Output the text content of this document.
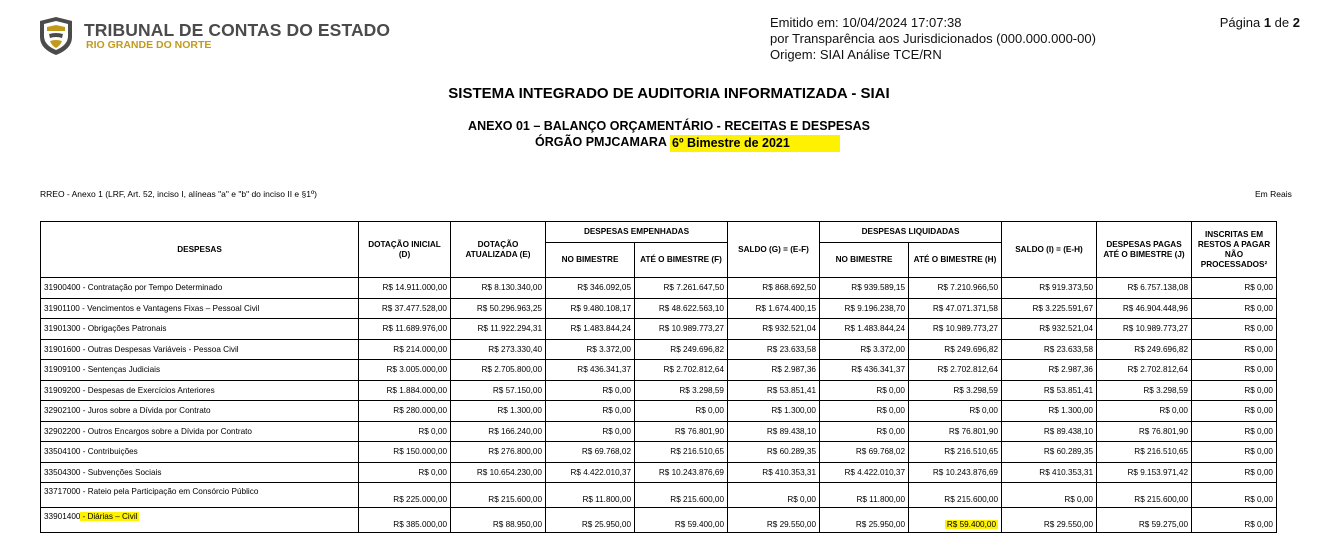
TRIBUNAL DE CONTAS DO ESTADO
RIO GRANDE DO NORTE
Emitido em: 10/04/2024 17:07:38
por Transparência aos Jurisdicionados (000.000.000-00)
Origem: SIAI Análise TCE/RN
Página 1 de 2
SISTEMA INTEGRADO DE AUDITORIA INFORMATIZADA - SIAI
ANEXO 01 – BALANÇO ORÇAMENTÁRIO - RECEITAS E DESPESAS
ÓRGÃO PMJCAMARA 6º Bimestre de 2021
RREO - Anexo 1 (LRF, Art. 52, inciso I, alíneas "a" e "b" do inciso II e §1º)	Em Reais
DESPESAS	DOTAÇÃO INICIAL (D)	DOTAÇÃO ATUALIZADA (E)	DESPESAS EMPENHADAS		SALDO (G) = (E-F)	DESPESAS LIQUIDADAS		SALDO (I) = (E-H)	DESPESAS PAGAS ATÉ O BIMESTRE (J)	INSCRITAS EM RESTOS A PAGAR NÃO PROCESSADOS²
			NO BIMESTRE	ATÉ O BIMESTRE (F)		NO BIMESTRE	ATÉ O BIMESTRE (H)			
31900400 - Contratação por Tempo Determinado	R$ 14.911.000,00	R$ 8.130.340,00	R$ 346.092,05	R$ 7.261.647,50	R$ 868.692,50	R$ 939.589,15	R$ 7.210.966,50	R$ 919.373,50	R$ 6.757.138,08	R$ 0,00
31901100 - Vencimentos e Vantagens Fixas – Pessoal Civil	R$ 37.477.528,00	R$ 50.296.963,25	R$ 9.480.108,17	R$ 48.622.563,10	R$ 1.674.400,15	R$ 9.196.238,70	R$ 47.071.371,58	R$ 3.225.591,67	R$ 46.904.448,96	R$ 0,00
31901300 - Obrigações Patronais	R$ 11.689.976,00	R$ 11.922.294,31	R$ 1.483.844,24	R$ 10.989.773,27	R$ 932.521,04	R$ 1.483.844,24	R$ 10.989.773,27	R$ 932.521,04	R$ 10.989.773,27	R$ 0,00
31901600 - Outras Despesas Variáveis - Pessoa Civil	R$ 214.000,00	R$ 273.330,40	R$ 3.372,00	R$ 249.696,82	R$ 23.633,58	R$ 3.372,00	R$ 249.696,82	R$ 23.633,58	R$ 249.696,82	R$ 0,00
31909100 - Sentenças Judiciais	R$ 3.005.000,00	R$ 2.705.800,00	R$ 436.341,37	R$ 2.702.812,64	R$ 2.987,36	R$ 436.341,37	R$ 2.702.812,64	R$ 2.987,36	R$ 2.702.812,64	R$ 0,00
31909200 - Despesas de Exercícios Anteriores	R$ 1.884.000,00	R$ 57.150,00	R$ 0,00	R$ 3.298,59	R$ 53.851,41	R$ 0,00	R$ 3.298,59	R$ 53.851,41	R$ 3.298,59	R$ 0,00
32902100 - Juros sobre a Dívida por Contrato	R$ 280.000,00	R$ 1.300,00	R$ 0,00	R$ 0,00	R$ 1.300,00	R$ 0,00	R$ 0,00	R$ 1.300,00	R$ 0,00	R$ 0,00
32902200 - Outros Encargos sobre a Dívida por Contrato	R$ 0,00	R$ 166.240,00	R$ 0,00	R$ 76.801,90	R$ 89.438,10	R$ 0,00	R$ 76.801,90	R$ 89.438,10	R$ 76.801,90	R$ 0,00
33504100 - Contribuições	R$ 150.000,00	R$ 276.800,00	R$ 69.768,02	R$ 216.510,65	R$ 60.289,35	R$ 69.768,02	R$ 216.510,65	R$ 60.289,35	R$ 216.510,65	R$ 0,00
33504300 - Subvenções Sociais	R$ 0,00	R$ 10.654.230,00	R$ 4.422.010,37	R$ 10.243.876,69	R$ 410.353,31	R$ 4.422.010,37	R$ 10.243.876,69	R$ 410.353,31	R$ 9.153.971,42	R$ 0,00
33717000 - Rateio pela Participação em Consórcio Público	R$ 225.000,00	R$ 215.600,00	R$ 11.800,00	R$ 215.600,00	R$ 0,00	R$ 11.800,00	R$ 215.600,00	R$ 0,00	R$ 215.600,00	R$ 0,00
33901400 - Diárias – Civil	R$ 385.000,00	R$ 88.950,00	R$ 25.950,00	R$ 59.400,00	R$ 29.550,00	R$ 25.950,00	R$ 59.400,00	R$ 29.550,00	R$ 59.275,00	R$ 0,00
